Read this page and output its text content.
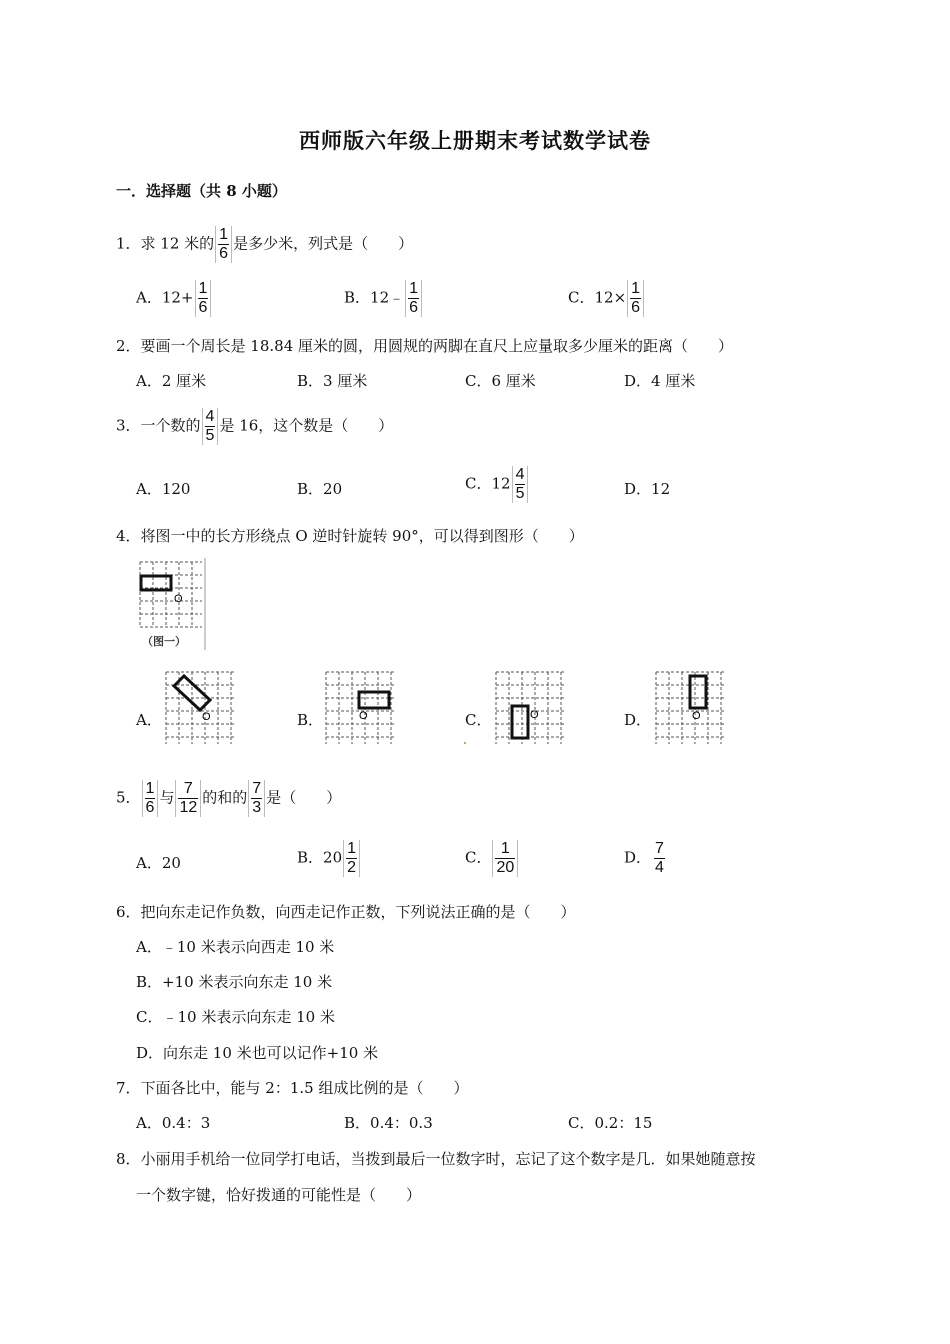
西师版六年级上册期末考试数学试卷
一．选择题（共 8 小题）
1．求 12 米的 $\frac{1}{6}$ 是多少米，列式是（　　）
A．$12+ \frac{1}{6}$	B．12﹣ $\frac{1}{6}$	C．$12\times \frac{1}{6}$
2．要画一个周长是 18.84 厘米的圆，用圆规的两脚在直尺上应量取多少厘米的距离（　　）
A．2 厘米	B．3 厘米	C．6 厘米	D．4 厘米
3．一个数的 $\frac{4}{5}$ 是 16，这个数是（　　）
A．120	B．20	C．$12 \frac{4}{5}$	D．12
4．将图一中的长方形绕点 O 逆时针旋转 90°，可以得到图形（　　）
O
（图一）
A．	O	B．	O	C．	O	D．	O
5． $\frac{1}{6}$ 与 $\frac{7}{12}$ 的和的 $\frac{7}{3}$ 是（　　）
A．20	B．$20 \frac{1}{2}$	C． $\frac{1}{20}$	D． $\frac{7}{4}$
6．把向东走记作负数，向西走记作正数，下列说法正确的是（　　）
A．﹣10 米表示向西走 10 米
B．+10 米表示向东走 10 米
C．﹣10 米表示向东走 10 米
D．向东走 10 米也可以记作+10 米
7．下面各比中，能与 2：1.5 组成比例的是（　　）
A．0.4：3	B．0.4：0.3	C．0.2：15
8．小丽用手机给一位同学打电话，当拨到最后一位数字时，忘记了这个数字是几．如果她随意按
一个数字键，恰好拨通的可能性是（　　）
